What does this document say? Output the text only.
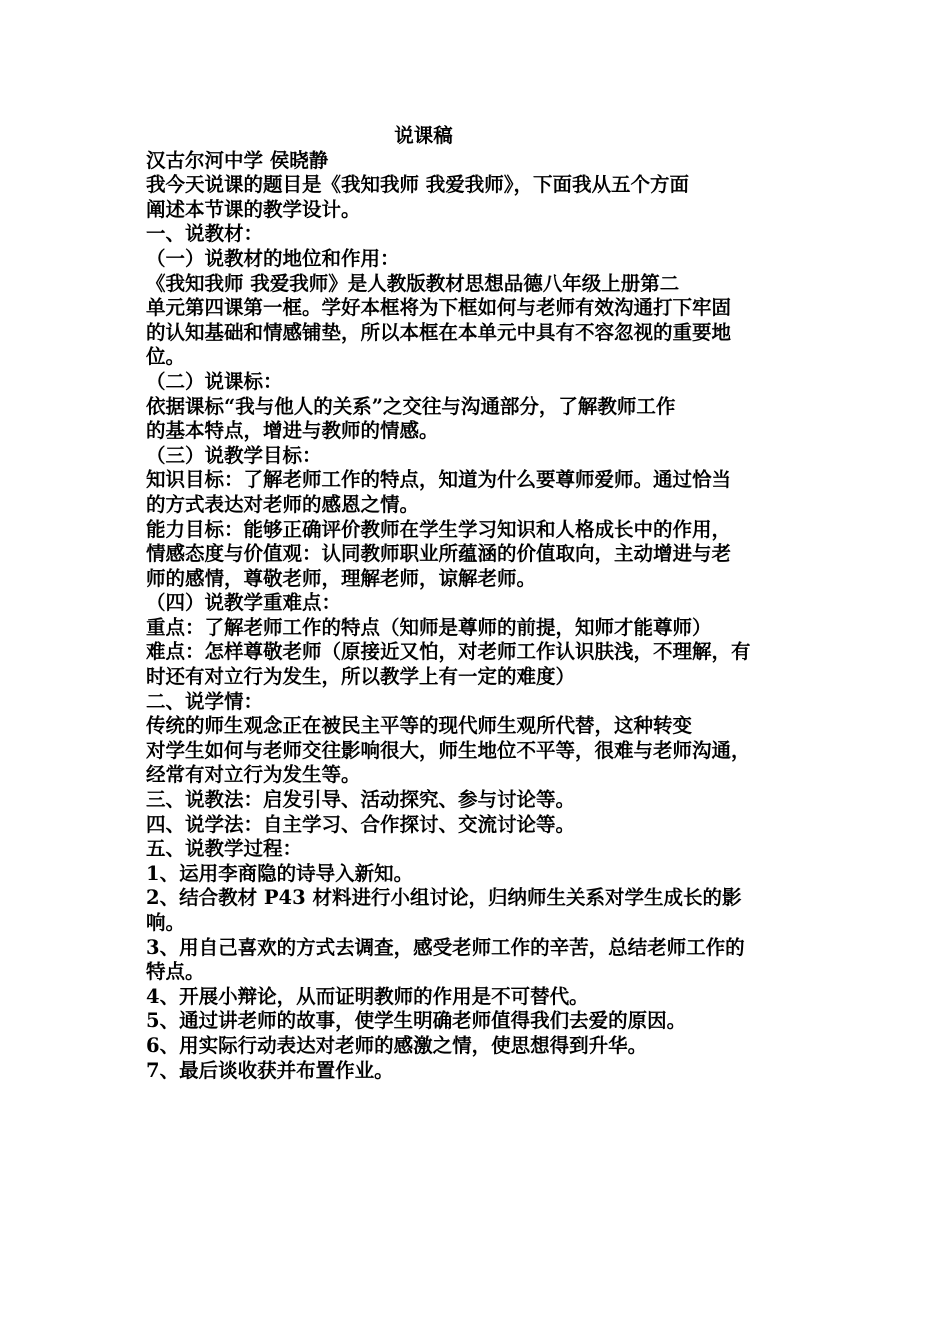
说课稿

汉古尔河中学 侯晓静

我今天说课的题目是《我知我师 我爱我师》，下面我从五个方面

阐述本节课的教学设计。

一、说教材：

（一）说教材的地位和作用：

《我知我师 我爱我师》是人教版教材思想品德八年级上册第二

单元第四课第一框。学好本框将为下框如何与老师有效沟通打下牢固

的认知基础和情感铺垫，所以本框在本单元中具有不容忽视的重要地

位。

（二）说课标：

依据课标“我与他人的关系”之交往与沟通部分，了解教师工作

的基本特点，增进与教师的情感。

（三）说教学目标：

知识目标：了解老师工作的特点，知道为什么要尊师爱师。通过恰当

的方式表达对老师的感恩之情。

能力目标：能够正确评价教师在学生学习知识和人格成长中的作用，

情感态度与价值观：认同教师职业所蕴涵的价值取向，主动增进与老

师的感情，尊敬老师，理解老师，谅解老师。

（四）说教学重难点：

重点：了解老师工作的特点（知师是尊师的前提，知师才能尊师）

难点：怎样尊敬老师（原接近又怕，对老师工作认识肤浅，不理解，有

时还有对立行为发生，所以教学上有一定的难度）

二、说学情：

传统的师生观念正在被民主平等的现代师生观所代替，这种转变

对学生如何与老师交往影响很大，师生地位不平等，很难与老师沟通，

经常有对立行为发生等。

三、说教法：启发引导、活动探究、参与讨论等。

四、说学法：自主学习、合作探讨、交流讨论等。

五、说教学过程：

1、运用李商隐的诗导入新知。

2、结合教材 P43 材料进行小组讨论，归纳师生关系对学生成长的影

响。

3、用自己喜欢的方式去调查，感受老师工作的辛苦，总结老师工作的

特点。

4、开展小辩论，从而证明教师的作用是不可替代。

5、通过讲老师的故事，使学生明确老师值得我们去爱的原因。

6、用实际行动表达对老师的感激之情，使思想得到升华。

7、最后谈收获并布置作业。
